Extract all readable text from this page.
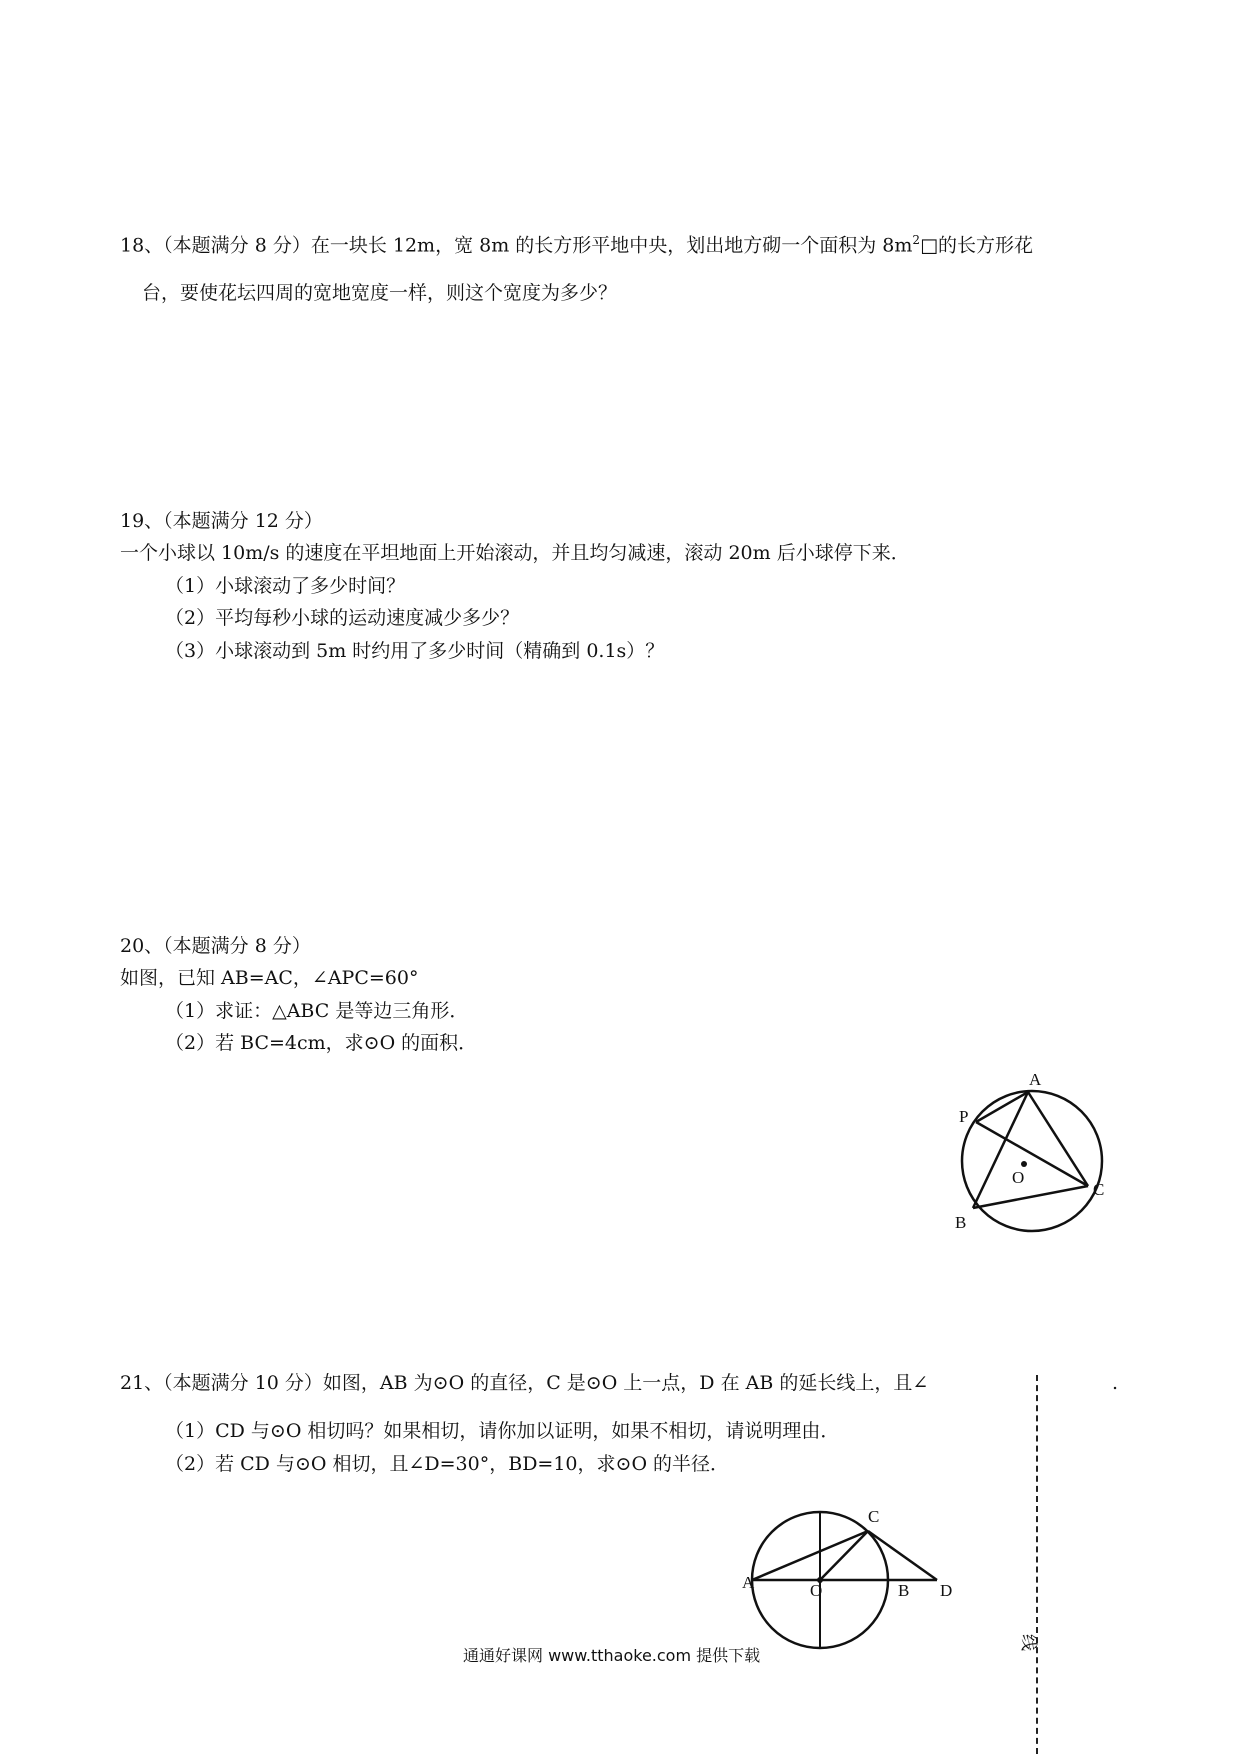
18、（本题满分 8 分）在一块长 12m，宽 8m 的长方形平地中央，划出地方砌一个面积为 $8m^2□$的长方形花
台，要使花坛四周的宽地宽度一样，则这个宽度为多少？
19、（本题满分 12 分）
一个小球以 10m/s 的速度在平坦地面上开始滚动，并且均匀减速，滚动 20m 后小球停下来．
（1）小球滚动了多少时间？
（2）平均每秒小球的运动速度减少多少？
（3）小球滚动到 5m 时约用了多少时间（精确到 0.1s）？
20、（本题满分 8 分）
如图，已知 AB=AC，∠APC=60°
（1）求证：△ABC 是等边三角形．
（2）若 BC=4cm，求⊙O 的面积．
A
P
O
C
B
21、（本题满分 10 分）如图，AB 为⊙O 的直径，C 是⊙O 上一点，D 在 AB 的延长线上，且∠	.
（1）CD 与⊙O 相切吗？如果相切，请你加以证明，如果不相切，请说明理由．
（2）若 CD 与⊙O 相切，且∠D=30°，BD=10，求⊙O 的半径．
A	O	B
C
D
线
通通好课网 www.tthaoke.com 提供下载
